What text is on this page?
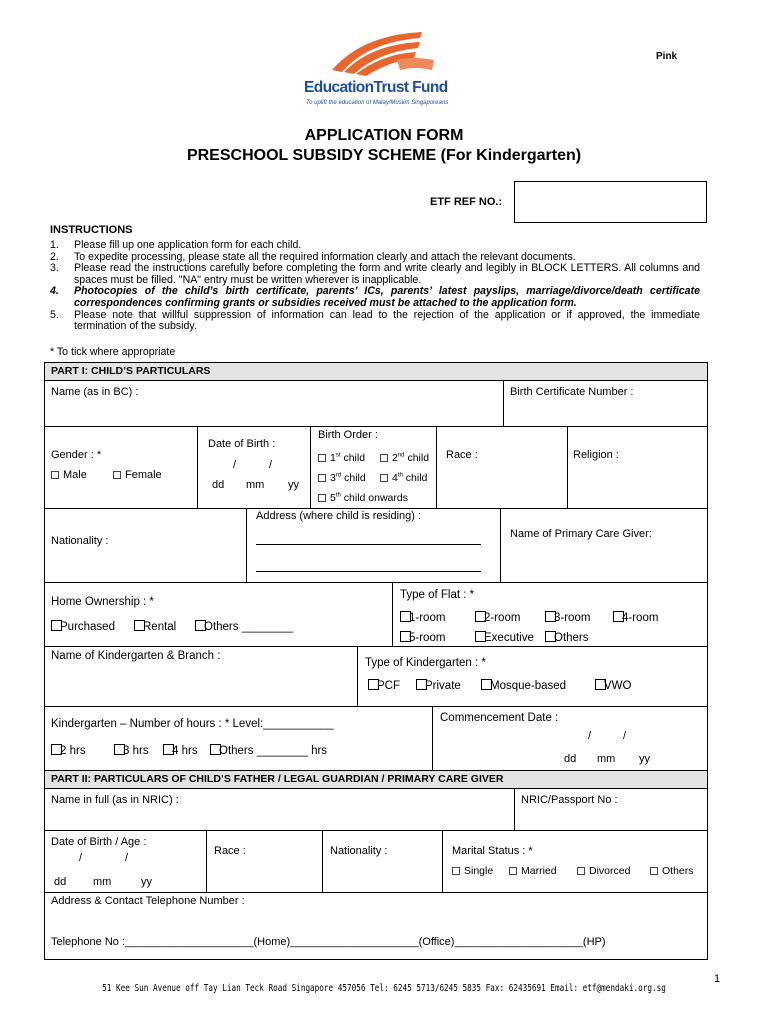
EducationTrust Fund
To uplift the education of Malay/Muslim Singaporeans
Pink
APPLICATION FORM
PRESCHOOL SUBSIDY SCHEME (For Kindergarten)
ETF REF NO.:
INSTRUCTIONS
1.	Please fill up one application form for each child.
2.	To expedite processing, please state all the required information clearly and attach the relevant documents.
3.	Please read the instructions carefully before completing the form and write clearly and legibly in BLOCK LETTERS. All columns and spaces must be filled. "NA" entry must be written wherever is inapplicable.
4.	Photocopies of the child’s birth certificate, parents’ ICs, parents’ latest payslips, marriage/divorce/death certificate correspondences confirming grants or subsidies received must be attached to the application form.
5.	Please note that willful suppression of information can lead to the rejection of the application or if approved, the immediate termination of the subsidy.
* To tick where appropriate
PART I: CHILD’S PARTICULARS
Name (as in BC) :	Birth Certificate Number :
Gender : *
Male	Female
Date of Birth :
/	/
dd mm yy
Birth Order :
1st child	2nd child
3rd child	4th child
5th child onwards
Race :	Religion :
Nationality :
Address (where child is residing) :
Name of Primary Care Giver:
Home Ownership : *
Purchased	Rental	Others ________
Type of Flat : *
1-room	2-room	3-room	4-room
5-room	Executive	Others
Name of Kindergarten & Branch :
Type of Kindergarten : *
PCF	Private	Mosque-based	VWO
Kindergarten – Number of hours : * Level:___________
2 hrs	3 hrs	4 hrs	Others ________ hrs
Commencement Date :
/	/
dd mm yy
PART II: PARTICULARS OF CHILD’S FATHER / LEGAL GUARDIAN / PRIMARY CARE GIVER
Name in full (as in NRIC) :	NRIC/Passport No :
Date of Birth / Age :
/	/
dd mm	yy
Race :	Nationality :	Marital Status : *
Single	Married	Divorced	Others
Address & Contact Telephone Number :
Telephone No :_____________________(Home)_____________________(Office)_____________________(HP)
1
51 Kee Sun Avenue off Tay Lian Teck Road Singapore 457056 Tel: 6245 5713/6245 5835 Fax: 62435691 Email: etf@mendaki.org.sg
